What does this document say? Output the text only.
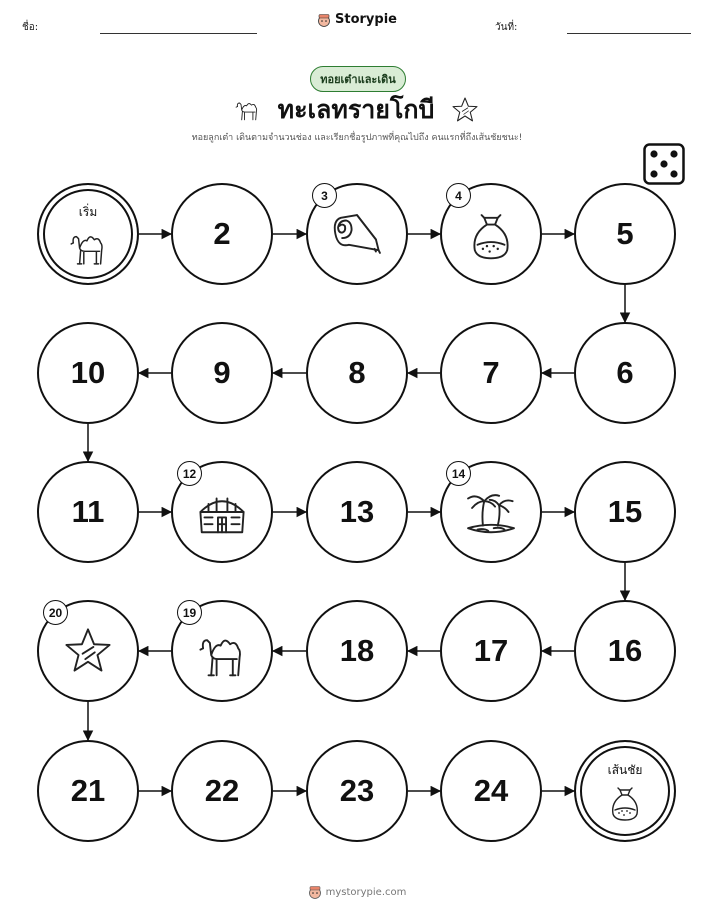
ชื่อ:
Storypie
วันที่:
ทอยเต๋าและเดิน
ทะเลทรายโกบี
ทอยลูกเต๋า เดินตามจำนวนช่อง และเรียกชื่อรูปภาพที่คุณไปถึง คนแรกที่ถึงเส้นชัยชนะ!
เริ่ม
2
3	4
5
6
7
8
9
10
11
12
13
14
15
16
17
18
19
20
21	22	23	24
เส้นชัย
mystorypie.com
